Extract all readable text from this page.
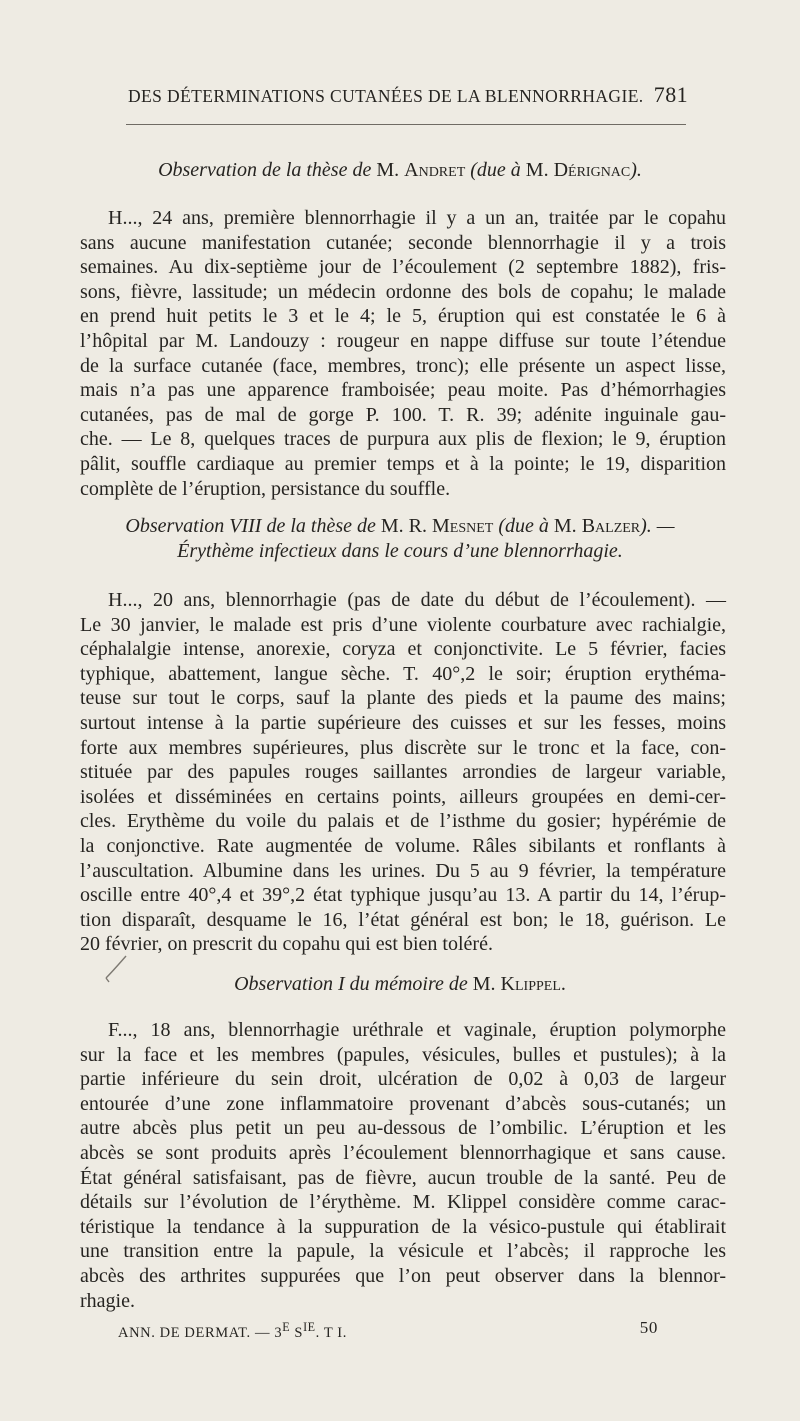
DES DÉTERMINATIONS CUTANÉES DE LA BLENNORRHAGIE. 781
Observation de la thèse de M. Andret (due à M. Dérignac).
H..., 24 ans, première blennorrhagie il y a un an, traitée par le copahu
sans aucune manifestation cutanée; seconde blennorrhagie il y a trois
semaines. Au dix-septième jour de l’écoulement (2 septembre 1882), fris-
sons, fièvre, lassitude; un médecin ordonne des bols de copahu; le malade
en prend huit petits le 3 et le 4; le 5, éruption qui est constatée le 6 à
l’hôpital par M. Landouzy : rougeur en nappe diffuse sur toute l’étendue
de la surface cutanée (face, membres, tronc); elle présente un aspect lisse,
mais n’a pas une apparence framboisée; peau moite. Pas d’hémorrhagies
cutanées, pas de mal de gorge P. 100. T. R. 39; adénite inguinale gau-
che. — Le 8, quelques traces de purpura aux plis de flexion; le 9, éruption
pâlit, souffle cardiaque au premier temps et à la pointe; le 19, disparition
complète de l’éruption, persistance du souffle.
Observation VIII de la thèse de M. R. Mesnet (due à M. Balzer). —
Érythème infectieux dans le cours d’une blennorrhagie.
H..., 20 ans, blennorrhagie (pas de date du début de l’écoulement). —
Le 30 janvier, le malade est pris d’une violente courbature avec rachialgie,
céphalalgie intense, anorexie, coryza et conjonctivite. Le 5 février, facies
typhique, abattement, langue sèche. T. 40°,2 le soir; éruption erythéma-
teuse sur tout le corps, sauf la plante des pieds et la paume des mains;
surtout intense à la partie supérieure des cuisses et sur les fesses, moins
forte aux membres supérieures, plus discrète sur le tronc et la face, con-
stituée par des papules rouges saillantes arrondies de largeur variable,
isolées et disséminées en certains points, ailleurs groupées en demi-cer-
cles. Erythème du voile du palais et de l’isthme du gosier; hypérémie de
la conjonctive. Rate augmentée de volume. Râles sibilants et ronflants à
l’auscultation. Albumine dans les urines. Du 5 au 9 février, la température
oscille entre 40°,4 et 39°,2 état typhique jusqu’au 13. A partir du 14, l’érup-
tion disparaît, desquame le 16, l’état général est bon; le 18, guérison. Le
20 février, on prescrit du copahu qui est bien toléré.
Observation I du mémoire de M. Klippel.
F..., 18 ans, blennorrhagie uréthrale et vaginale, éruption polymorphe
sur la face et les membres (papules, vésicules, bulles et pustules); à la
partie inférieure du sein droit, ulcération de 0,02 à 0,03 de largeur
entourée d’une zone inflammatoire provenant d’abcès sous-cutanés; un
autre abcès plus petit un peu au-dessous de l’ombilic. L’éruption et les
abcès se sont produits après l’écoulement blennorrhagique et sans cause.
État général satisfaisant, pas de fièvre, aucun trouble de la santé. Peu de
détails sur l’évolution de l’érythème. M. Klippel considère comme carac-
téristique la tendance à la suppuration de la vésico-pustule qui établirait
une transition entre la papule, la vésicule et l’abcès; il rapproche les
abcès des arthrites suppurées que l’on peut observer dans la blennor-
rhagie.
ANN. DE DERMAT. — $3^E$ $S^{IE}$. T I.	50
